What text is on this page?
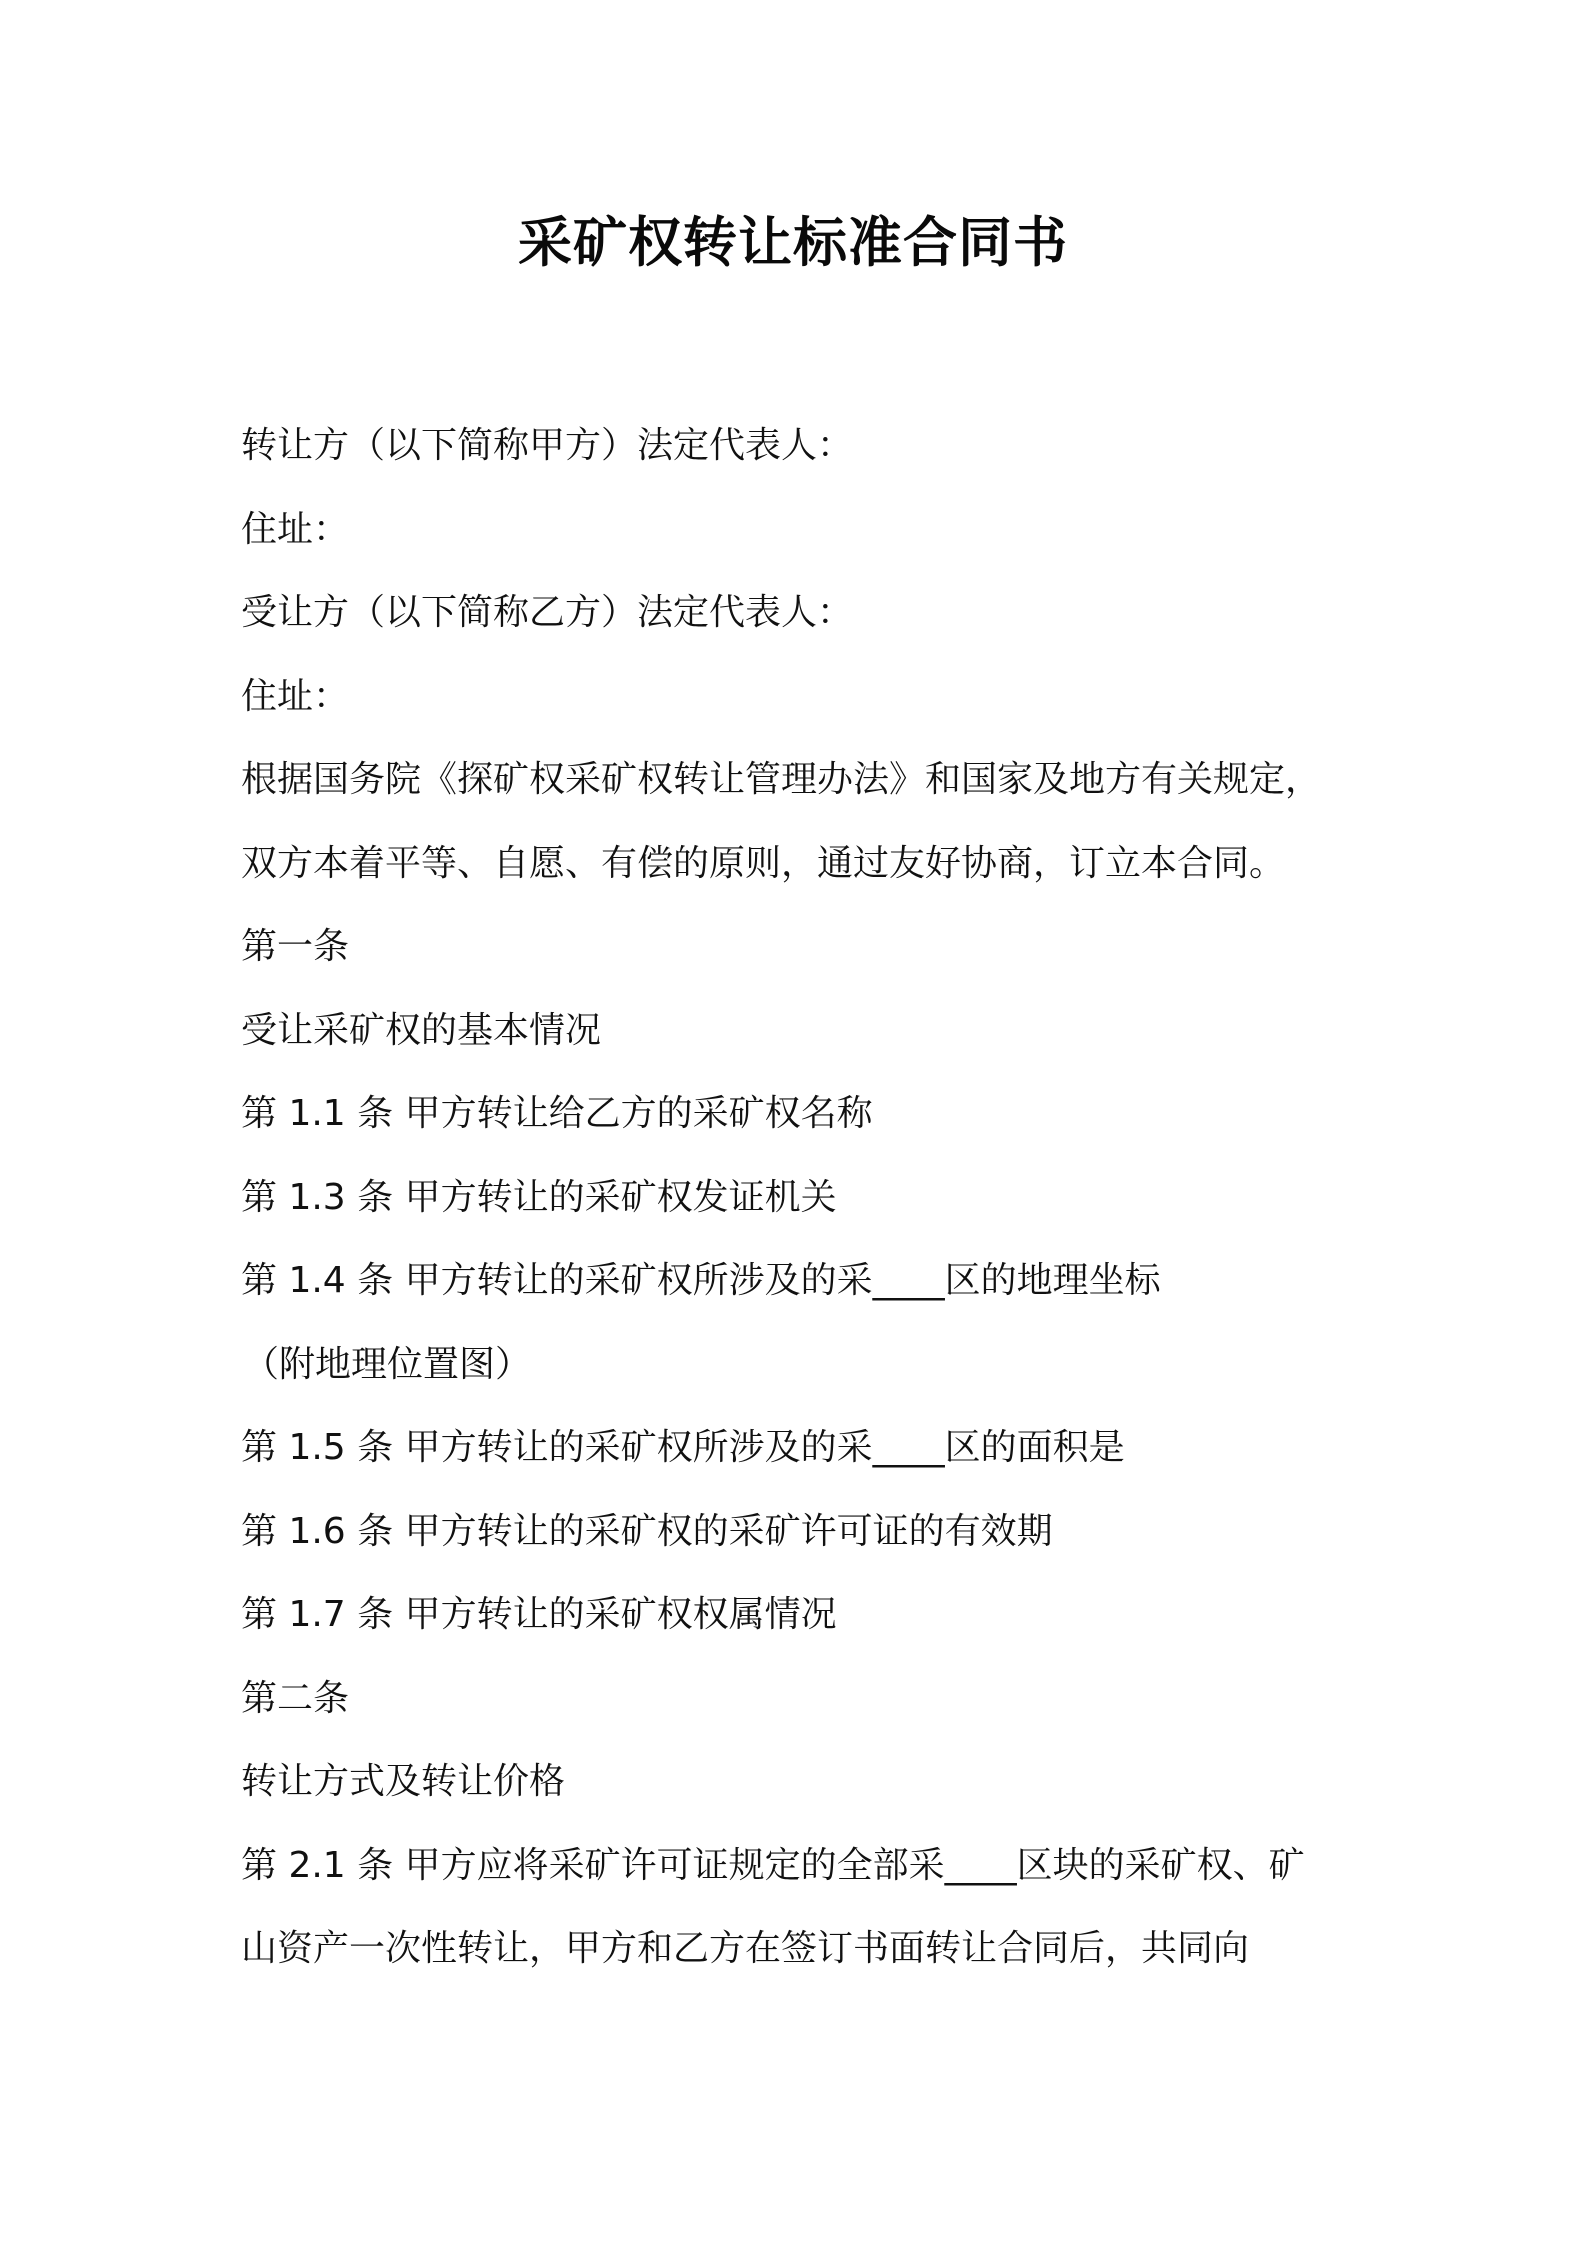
采矿权转让标准合同书
转让方（以下简称甲方）法定代表人：
住址：
受让方（以下简称乙方）法定代表人：
住址：
根据国务院《探矿权采矿权转让管理办法》和国家及地方有关规定，
双方本着平等、自愿、有偿的原则，通过友好协商，订立本合同。
第一条
受让采矿权的基本情况
第 1.1 条 甲方转让给乙方的采矿权名称
第 1.3 条 甲方转让的采矿权发证机关
第 1.4 条 甲方转让的采矿权所涉及的采____区的地理坐标
（附地理位置图）
第 1.5 条 甲方转让的采矿权所涉及的采____区的面积是
第 1.6 条 甲方转让的采矿权的采矿许可证的有效期
第 1.7 条 甲方转让的采矿权权属情况
第二条
转让方式及转让价格
第 2.1 条 甲方应将采矿许可证规定的全部采____区块的采矿权、矿
山资产一次性转让，甲方和乙方在签订书面转让合同后，共同向
